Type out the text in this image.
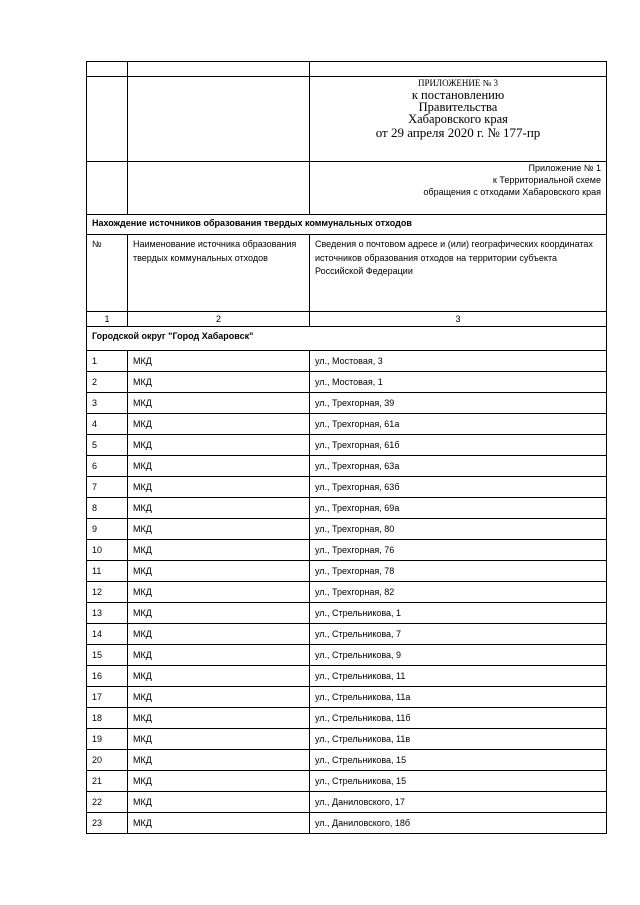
		ПРИЛОЖЕНИЕ № 3
к постановлению
Правительства
Хабаровского края
от 29 апреля 2020 г. № 177-пр

		Приложение № 1
к Территориальной схеме
обращения с отходами Хабаровского края

Нахождение источников образования твердых коммунальных отходов		
№	Наименование источника образования твердых коммунальных отходов	Сведения о почтовом адресе и (или) географических координатах источников образования отходов на территории субъекта Российской Федерации
1	2	3
Городской округ "Город Хабаровск"		
1	МКД	ул., Мостовая, 3
2	МКД	ул., Мостовая, 1
3	МКД	ул., Трехгорная, 39
4	МКД	ул., Трехгорная, 61а
5	МКД	ул., Трехгорная, 61б
6	МКД	ул., Трехгорная, 63а
7	МКД	ул., Трехгорная, 63б
8	МКД	ул., Трехгорная, 69а
9	МКД	ул., Трехгорная, 80
10	МКД	ул., Трехгорная, 76
11	МКД	ул., Трехгорная, 78
12	МКД	ул., Трехгорная, 82
13	МКД	ул., Стрельникова, 1
14	МКД	ул., Стрельникова, 7
15	МКД	ул., Стрельникова, 9
16	МКД	ул., Стрельникова, 11
17	МКД	ул., Стрельникова, 11а
18	МКД	ул., Стрельникова, 11б
19	МКД	ул., Стрельникова, 11в
20	МКД	ул., Стрельникова, 15
21	МКД	ул., Стрельникова, 15
22	МКД	ул., Даниловского, 17
23	МКД	ул., Даниловского, 18б
